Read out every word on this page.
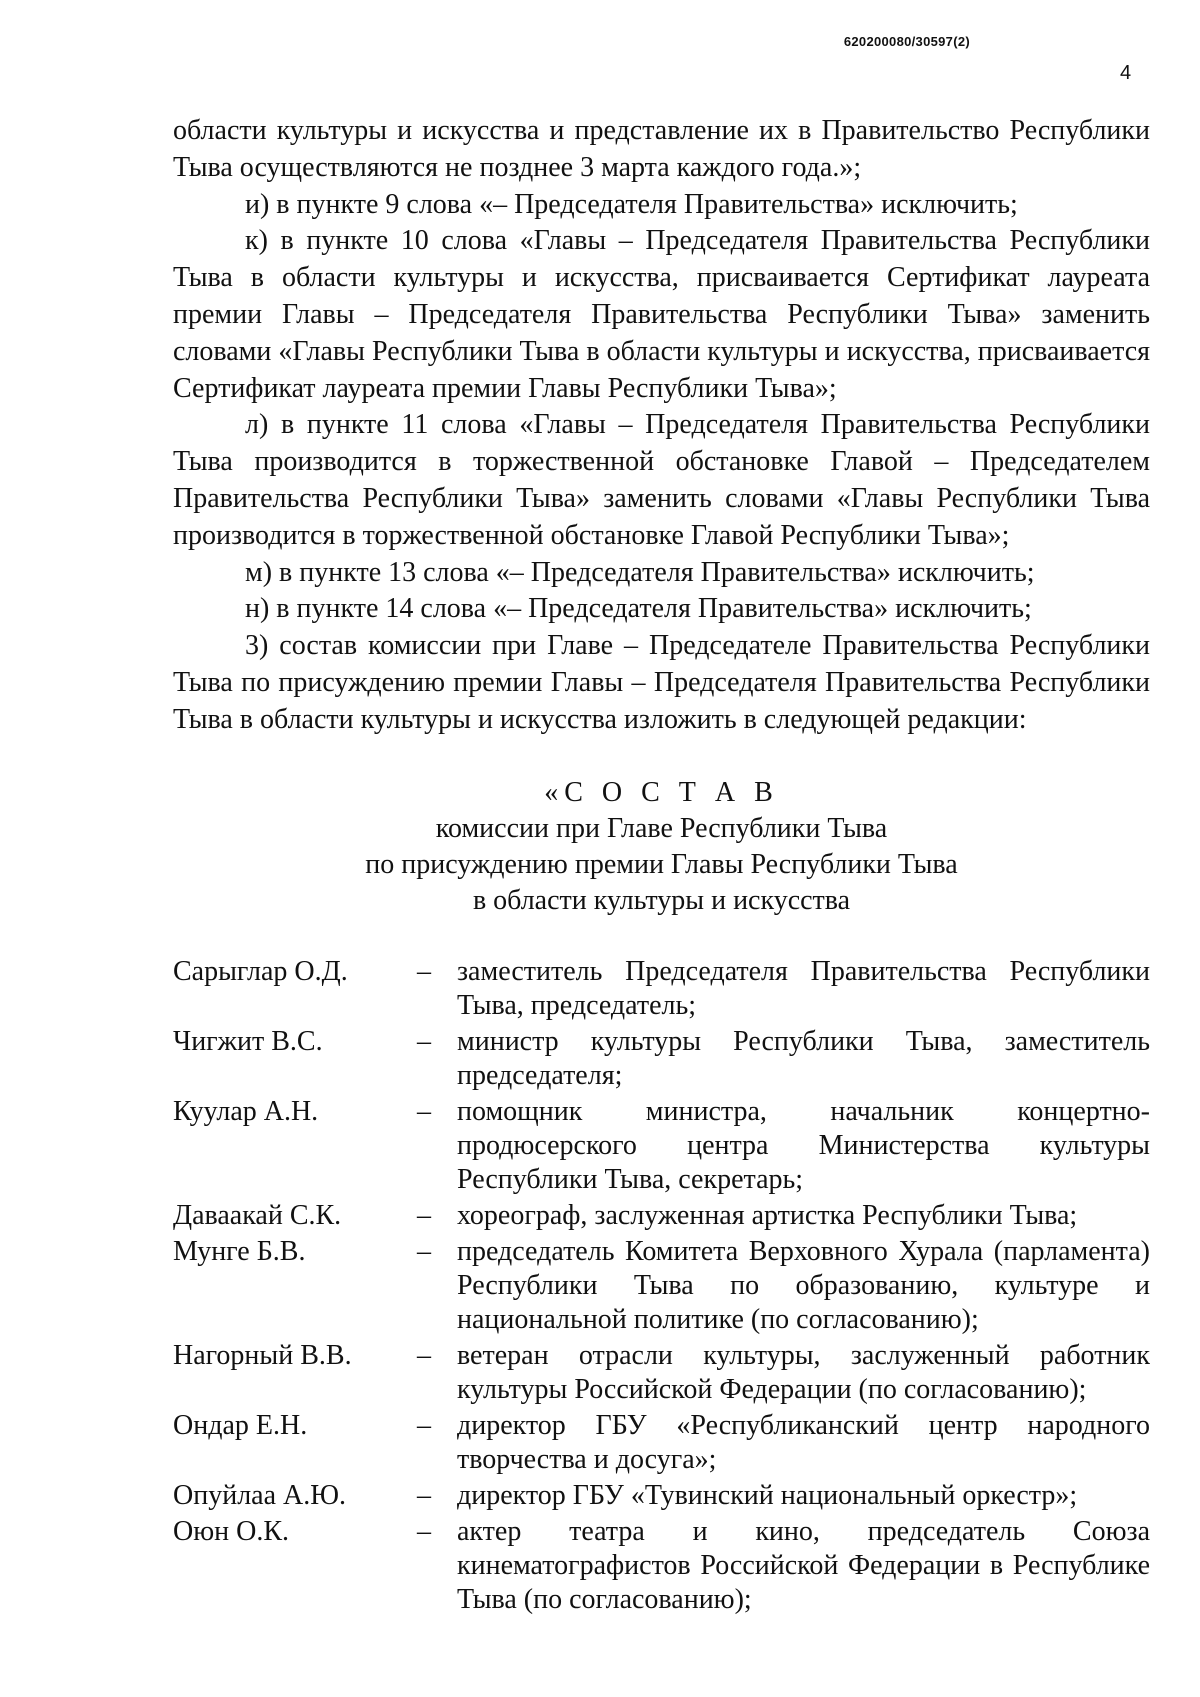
620200080/30597(2)
4

области культуры и искусства и представление их в Правительство Республики Тыва осуществляются не позднее 3 марта каждого года.»;

и) в пункте 9 слова «– Председателя Правительства» исключить;

к) в пункте 10 слова «Главы – Председателя Правительства Республики Тыва в области культуры и искусства, присваивается Сертификат лауреата премии Главы – Председателя Правительства Республики Тыва» заменить словами «Главы Республики Тыва в области культуры и искусства, присваивается Сертификат лауреата премии Главы Республики Тыва»;

л) в пункте 11 слова «Главы – Председателя Правительства Республики Тыва производится в торжественной обстановке Главой – Председателем Правительства Республики Тыва» заменить словами «Главы Республики Тыва производится в торжественной обстановке Главой Республики Тыва»;

м) в пункте 13 слова «– Председателя Правительства» исключить;

н) в пункте 14 слова «– Председателя Правительства» исключить;

3) состав комиссии при Главе – Председателе Правительства Республики Тыва по присуждению премии Главы – Председателя Правительства Республики Тыва в области культуры и искусства изложить в следующей редакции:

«С О С Т А В
комиссии при Главе Республики Тыва
по присуждению премии Главы Республики Тыва
в области культуры и искусства
Сарыглар О.Д.	– заместитель Председателя Правительства Республики Тыва, председатель;
Чигжит В.С.	– министр культуры Республики Тыва, заместитель председателя;
Куулар А.Н.	– помощник министра, начальник концертно-продюсерского центра Министерства культуры Республики Тыва, секретарь;
Даваакай С.К.	– хореограф, заслуженная артистка Республики Тыва;
Мунге Б.В.	– председатель Комитета Верховного Хурала (парламента) Республики Тыва по образованию, культуре и национальной политике (по согласованию);
Нагорный В.В.	– ветеран отрасли культуры, заслуженный работник культуры Российской Федерации (по согласованию);
Ондар Е.Н.	– директор ГБУ «Республиканский центр народного творчества и досуга»;
Опуйлаа А.Ю.	– директор ГБУ «Тувинский национальный оркестр»;
Оюн О.К.	– актер театра и кино, председатель Союза кинематографистов Российской Федерации в Республике Тыва (по согласованию);
